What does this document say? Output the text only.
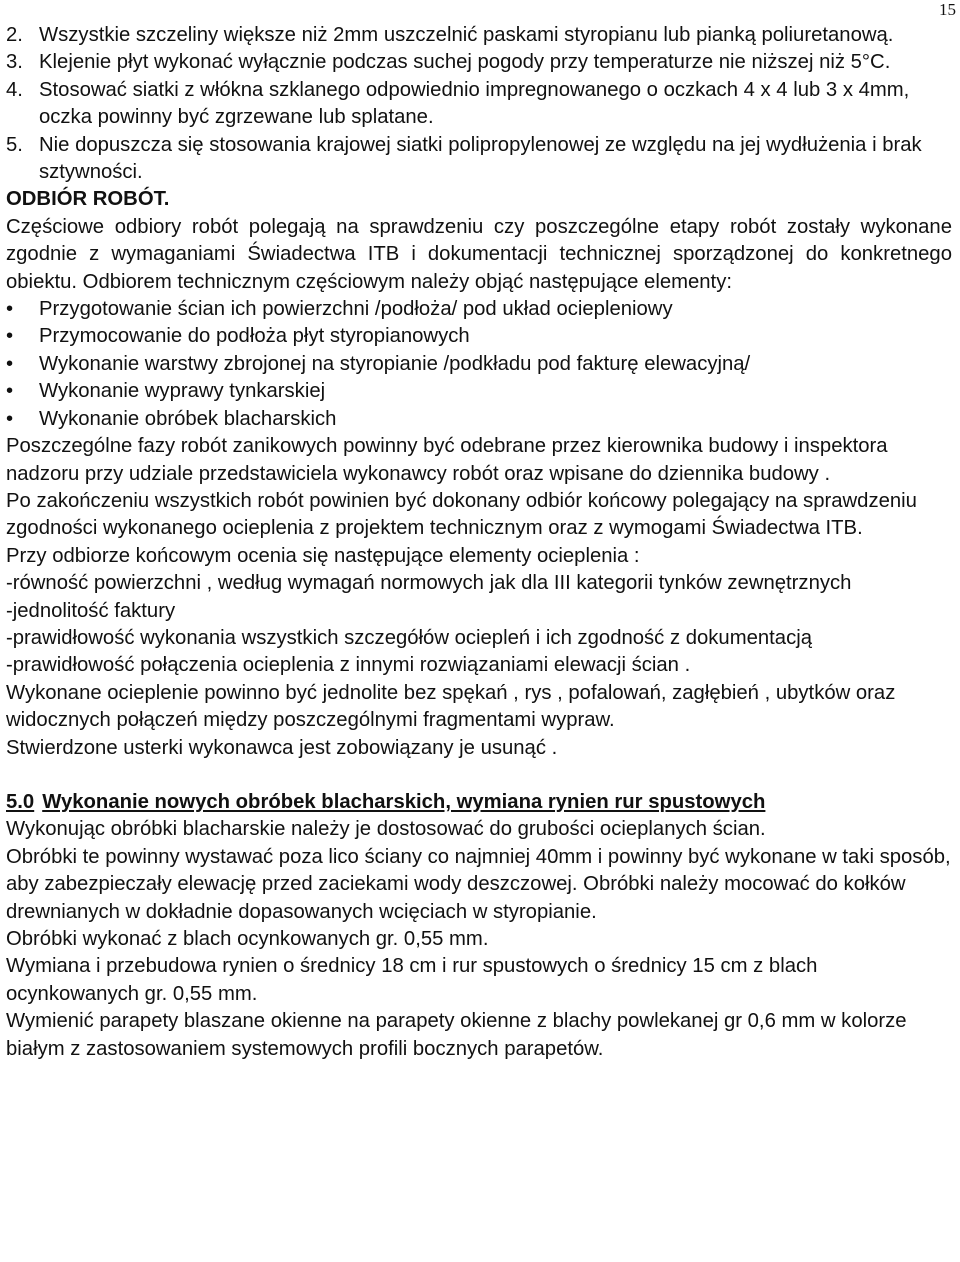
15
2. Wszystkie szczeliny większe niż 2mm uszczelnić paskami styropianu lub pianką poliuretanową.
3. Klejenie płyt wykonać wyłącznie podczas suchej pogody przy temperaturze nie niższej niż 5°C.
4. Stosować siatki z włókna szklanego odpowiednio impregnowanego o oczkach 4 x 4 lub 3 x 4mm, oczka powinny być zgrzewane lub splatane.
5. Nie dopuszcza się stosowania krajowej siatki polipropylenowej ze względu na jej wydłużenia i brak sztywności.

ODBIÓR ROBÓT.

Częściowe odbiory robót polegają na sprawdzeniu czy poszczególne etapy robót zostały wykonane zgodnie z wymaganiami Świadectwa ITB i dokumentacji technicznej sporządzonej do konkretnego obiektu. Odbiorem technicznym częściowym należy objąć następujące elementy:

•	Przygotowanie ścian ich powierzchni /podłoża/ pod układ ociepleniowy
•	Przymocowanie do podłoża płyt styropianowych
•	Wykonanie warstwy zbrojonej na styropianie /podkładu pod fakturę elewacyjną/
•	Wykonanie wyprawy tynkarskiej
•	Wykonanie obróbek blacharskich

Poszczególne fazy robót zanikowych powinny być odebrane przez kierownika budowy i inspektora nadzoru przy udziale przedstawiciela wykonawcy robót oraz wpisane do dziennika budowy .

Po zakończeniu wszystkich robót powinien być dokonany odbiór końcowy polegający na sprawdzeniu zgodności wykonanego ocieplenia z projektem technicznym oraz z wymogami Świadectwa ITB.

Przy odbiorze końcowym ocenia się następujące elementy ocieplenia :

-równość powierzchni , według wymagań normowych jak dla III kategorii tynków zewnętrznych

-jednolitość faktury

-prawidłowość wykonania wszystkich szczegółów ociepleń i ich zgodność z dokumentacją

-prawidłowość połączenia ocieplenia z innymi rozwiązaniami elewacji ścian .

Wykonane ocieplenie powinno być jednolite bez spękań , rys , pofalowań, zagłębień , ubytków oraz widocznych połączeń między poszczególnymi fragmentami wypraw.

Stwierdzone usterki wykonawca jest zobowiązany je usunąć .

5.0 Wykonanie nowych obróbek blacharskich, wymiana rynien rur spustowych

Wykonując obróbki blacharskie należy je dostosować do grubości ocieplanych ścian.

Obróbki te powinny wystawać poza lico ściany co najmniej 40mm i powinny być wykonane w taki sposób, aby zabezpieczały elewację przed zaciekami wody deszczowej. Obróbki należy mocować do kołków drewnianych w dokładnie dopasowanych wcięciach w styropianie.

Obróbki wykonać z blach ocynkowanych gr. 0,55 mm.

Wymiana i przebudowa rynien o średnicy 18 cm i rur spustowych o średnicy 15 cm z blach ocynkowanych gr. 0,55 mm.

Wymienić parapety blaszane okienne na parapety okienne z blachy powlekanej gr 0,6 mm w kolorze białym z zastosowaniem systemowych profili bocznych parapetów.
